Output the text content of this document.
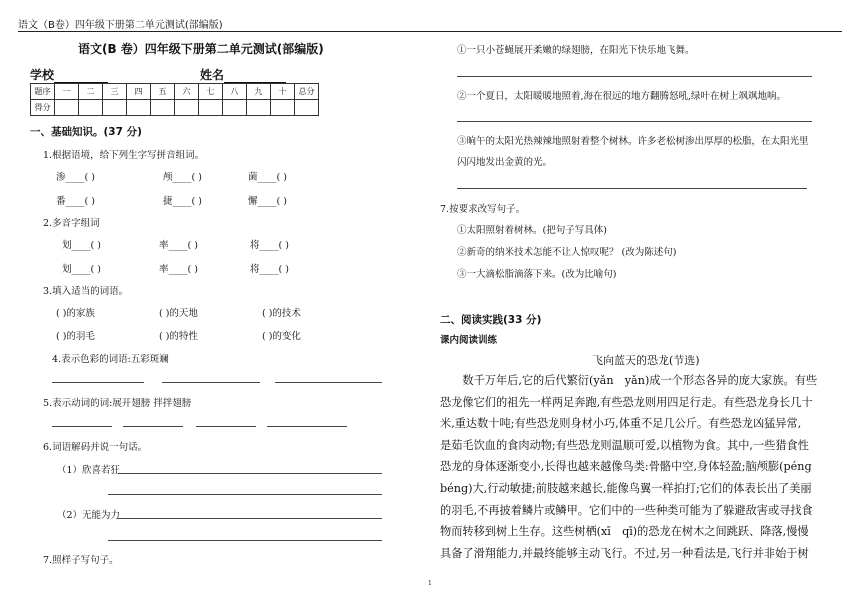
语文（B卷）四年级下册第二单元测试(部编版)
语文(B 卷）四年级下册第二单元测试(部编版)
学校	姓名
题序	一	二	三	四	五	六	七	八	九	十	总分
得分											
一、基础知识。(37 分)
1.根据语境，给下列生字写拼音组词。
渗____( )	颅____( )	菌____( )
番____( )	捷____( )	懈____( )
2.多音字组词
划____( )	率____( )	将____( )
划____( )	率____( )	将____( )
3.填入适当的词语。
( )的家族	( )的天地	( )的技术
( )的羽毛	( )的特性	( )的变化
4.表示色彩的词语:五彩斑斓
5.表示动词的词:展开翅膀 拌拌翅膀
6.词语解码并说一句话。
（1）欣喜若狂
（2）无能为力
7.照样子写句子。
①一只小苍蝇展开柔嫩的绿翅膀，在阳光下快乐地飞舞。
②一个夏日，太阳暖暖地照着,海在很远的地方翻腾怒吼,绿叶在树上飒飒地响。
③晌午的太阳光热辣辣地照射着整个树林。许多老松树渗出厚厚的松脂，在太阳光里
闪闪地发出金黄的光。
7.按要求改写句子。
①太阳照射着树林。(把句子写具体)
②新奇的纳米技术怎能不让人惊叹呢？ (改为陈述句)
③一大滴松脂滴落下来。(改为比喻句)
二、阅读实践(33 分)
课内阅读训练
飞向蓝天的恐龙(节选)
　　数千万年后,它的后代繁衍(yǎn　yǎn)成一个形态各异的庞大家族。有些
恐龙像它们的祖先一样两足奔跑,有些恐龙则用四足行走。有些恐龙身长几十
米,重达数十吨;有些恐龙则身材小巧,体重不足几公斤。有些恐龙凶猛异常,
是茹毛饮血的食肉动物;有些恐龙则温顺可爱,以植物为食。其中,一些猎食性
恐龙的身体逐渐变小,长得也越来越像鸟类:骨骼中空,身体轻盈;脑颅膨(péng
béng)大,行动敏捷;前肢越来越长,能像鸟翼一样拍打;它们的体表长出了美丽
的羽毛,不再披着鳞片或鳞甲。它们中的一些种类可能为了躲避敌害或寻找食
物而转移到树上生存。这些树栖(xī　qī)的恐龙在树木之间跳跃、降落,慢慢
具备了滑翔能力,并最终能够主动飞行。不过,另一种看法是,飞行并非始于树
1
